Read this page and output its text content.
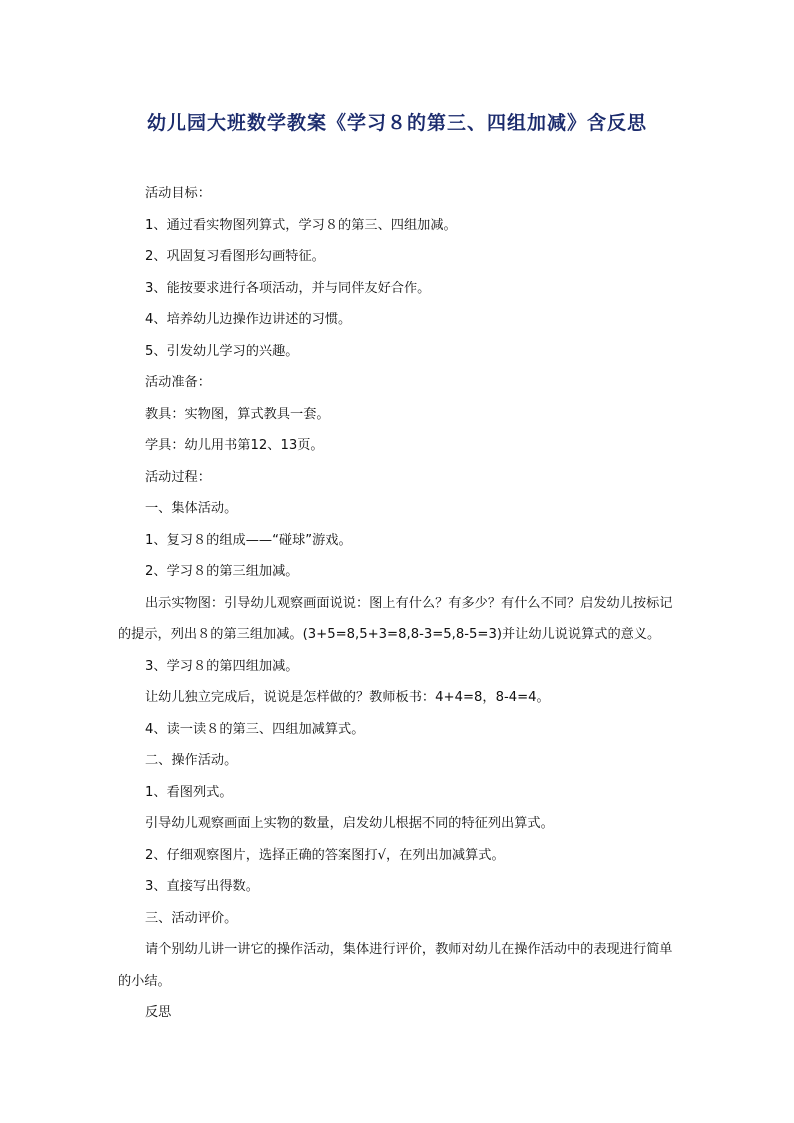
幼儿园大班数学教案《学习８的第三、四组加减》含反思

活动目标：

1、通过看实物图列算式，学习８的第三、四组加减。

2、巩固复习看图形勾画特征。

3、能按要求进行各项活动，并与同伴友好合作。

4、培养幼儿边操作边讲述的习惯。

5、引发幼儿学习的兴趣。

活动准备：

教具：实物图，算式教具一套。

学具：幼儿用书第12、13页。

活动过程：

一、集体活动。

1、复习８的组成——“碰球”游戏。

2、学习８的第三组加减。

出示实物图：引导幼儿观察画面说说：图上有什么？有多少？有什么不同？启发幼儿按标记的提示，列出８的第三组加减。(3+5=8,5+3=8,8-3=5,8-5=3)并让幼儿说说算式的意义。

3、学习８的第四组加减。

让幼儿独立完成后，说说是怎样做的？教师板书：4+4=8，8-4=4。

4、读一读８的第三、四组加减算式。

二、操作活动。

1、看图列式。

引导幼儿观察画面上实物的数量，启发幼儿根据不同的特征列出算式。

2、仔细观察图片，选择正确的答案图打√，在列出加减算式。

3、直接写出得数。

三、活动评价。

请个别幼儿讲一讲它的操作活动，集体进行评价，教师对幼儿在操作活动中的表现进行简单的小结。

反思
